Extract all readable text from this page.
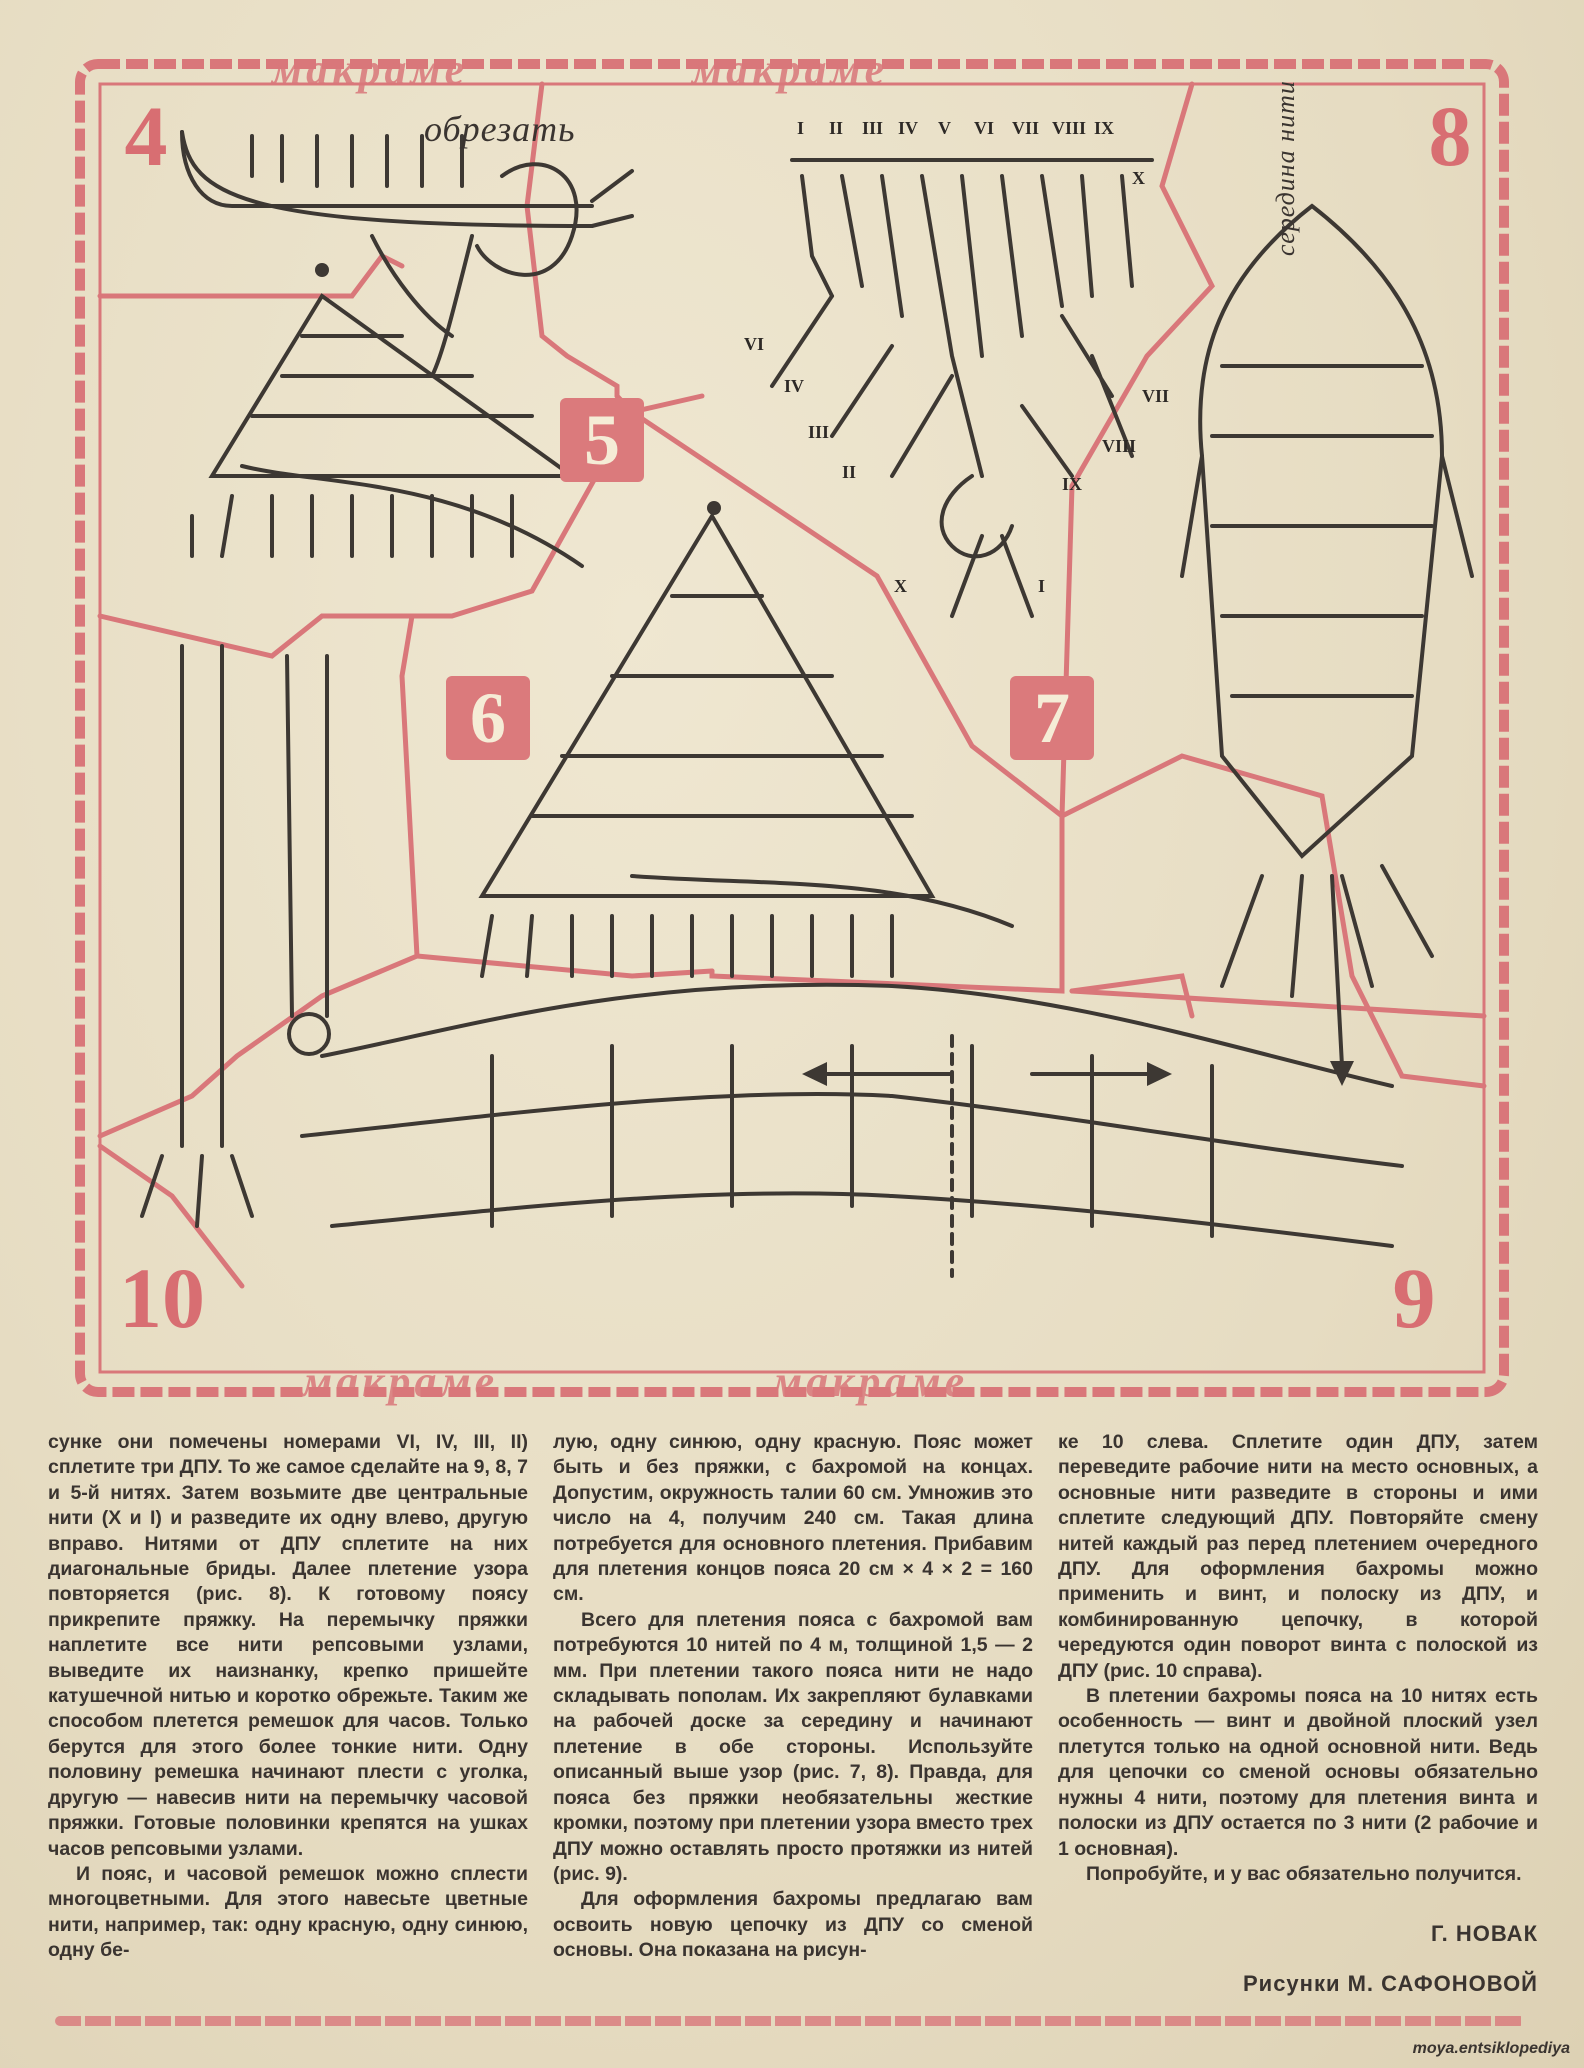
макраме	макраме
макраме	макраме
4
5
6	7
8
9
10
обрезать	середина нити
I II III IV V VI VII VIII IX
X
VI
IV
III
II
VII
VIII
IX
X	I

сунке они помечены номерами VI, IV, III, II) сплетите три ДПУ. То же самое сделайте на 9, 8, 7 и 5-й нитях. Затем возьмите две центральные нити (X и I) и разведите их одну влево, другую вправо. Нитями от ДПУ сплетите на них диагональные бриды. Далее плетение узора повторяется (рис. 8). К готовому поясу прикрепите пряжку. На перемычку пряжки наплетите все нити репсовыми узлами, выведите их наизнанку, крепко пришейте катушечной нитью и коротко обрежьте. Таким же способом плетется ремешок для часов. Только берутся для этого более тонкие нити. Одну половину ремешка начинают плести с уголка, другую — навесив нити на перемычку часовой пряжки. Готовые половинки крепятся на ушках часов репсовыми узлами.

И пояс, и часовой ремешок можно сплести многоцветными. Для этого навесьте цветные нити, например, так: одну красную, одну синюю, одну бе-

лую, одну синюю, одну красную. Пояс может быть и без пряжки, с бахромой на концах. Допустим, окружность талии 60 см. Умножив это число на 4, получим 240 см. Такая длина потребуется для основного плетения. Прибавим для плетения концов пояса 20 см × 4 × 2 = 160 см.

Всего для плетения пояса с бахромой вам потребуются 10 нитей по 4 м, толщиной 1,5 — 2 мм. При плетении такого пояса нити не надо складывать пополам. Их закрепляют булавками на рабочей доске за середину и начинают плетение в обе стороны. Используйте описанный выше узор (рис. 7, 8). Правда, для пояса без пряжки необязательны жесткие кромки, поэтому при плетении узора вместо трех ДПУ можно оставлять просто протяжки из нитей (рис. 9).

Для оформления бахромы предлагаю вам освоить новую цепочку из ДПУ со сменой основы. Она показана на рисун-

ке 10 слева. Сплетите один ДПУ, затем переведите рабочие нити на место основных, а основные нити разведите в стороны и ими сплетите следующий ДПУ. Повторяйте смену нитей каждый раз перед плетением очередного ДПУ. Для оформления бахромы можно применить и винт, и полоску из ДПУ, и комбинированную цепочку, в которой чередуются один поворот винта с полоской из ДПУ (рис. 10 справа).

В плетении бахромы пояса на 10 нитях есть особенность — винт и двойной плоский узел плетутся только на одной основной нити. Ведь для цепочки со сменой основы обязательно нужны 4 нити, поэтому для плетения винта и полоски из ДПУ остается по 3 нити (2 рабочие и 1 основная).

Попробуйте, и у вас обязательно получится.

Г. НОВАК
Рисунки М. САФОНОВОЙ
moya.entsiklopediya
